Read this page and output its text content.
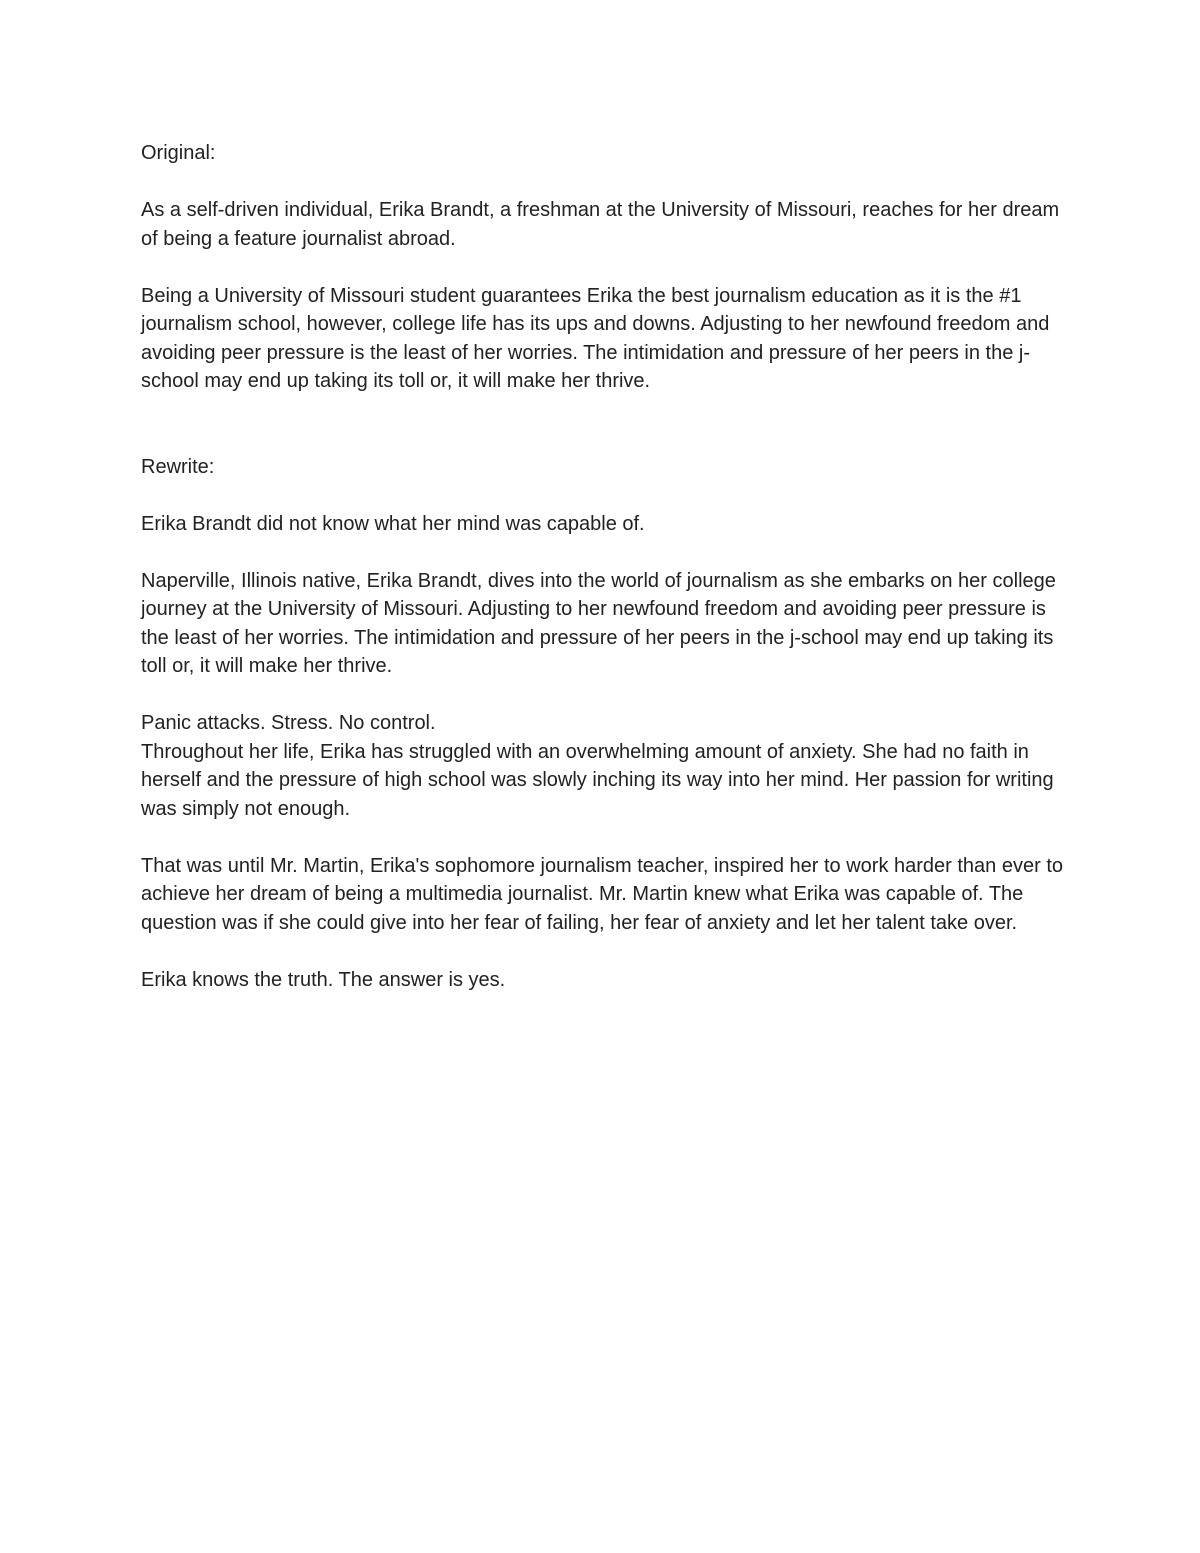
Original:

As a self-driven individual, Erika Brandt, a freshman at the University of Missouri, reaches for her dream of being a feature journalist abroad.

Being a University of Missouri student guarantees Erika the best journalism education as it is the #1 journalism school, however, college life has its ups and downs. Adjusting to her newfound freedom and avoiding peer pressure is the least of her worries. The intimidation and pressure of her peers in the j-school may end up taking its toll or, it will make her thrive.

Rewrite:

Erika Brandt did not know what her mind was capable of.

Naperville, Illinois native, Erika Brandt, dives into the world of journalism as she embarks on her college journey at the University of Missouri. Adjusting to her newfound freedom and avoiding peer pressure is the least of her worries. The intimidation and pressure of her peers in the j-school may end up taking its toll or, it will make her thrive.

Panic attacks. Stress. No control.

Throughout her life, Erika has struggled with an overwhelming amount of anxiety. She had no faith in herself and the pressure of high school was slowly inching its way into her mind. Her passion for writing was simply not enough.

That was until Mr. Martin, Erika's sophomore journalism teacher, inspired her to work harder than ever to achieve her dream of being a multimedia journalist. Mr. Martin knew what Erika was capable of. The question was if she could give into her fear of failing, her fear of anxiety and let her talent take over.

Erika knows the truth. The answer is yes.
